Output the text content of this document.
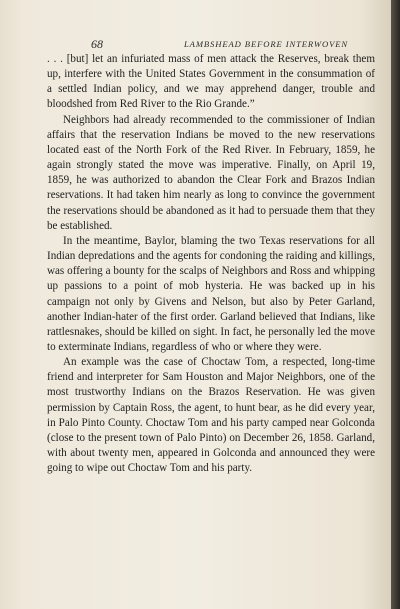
68	LAMBSHEAD BEFORE INTERWOVEN

. . . [but] let an infuriated mass of men attack the Reserves, break them up, interfere with the United States Government in the consummation of a settled Indian policy, and we may apprehend danger, trouble and bloodshed from Red River to the Rio Grande.”

Neighbors had already recommended to the commissioner of Indian affairs that the reservation Indians be moved to the new reservations located east of the North Fork of the Red River. In February, 1859, he again strongly stated the move was imperative. Finally, on April 19, 1859, he was authorized to abandon the Clear Fork and Brazos Indian reservations. It had taken him nearly as long to convince the government the reservations should be abandoned as it had to persuade them that they be established.

In the meantime, Baylor, blaming the two Texas reservations for all Indian depredations and the agents for condoning the raiding and killings, was offering a bounty for the scalps of Neighbors and Ross and whipping up passions to a point of mob hysteria. He was backed up in his campaign not only by Givens and Nelson, but also by Peter Garland, another Indian-hater of the first order. Garland believed that Indians, like rattlesnakes, should be killed on sight. In fact, he personally led the move to exterminate Indians, regardless of who or where they were.

An example was the case of Choctaw Tom, a respected, long-time friend and interpreter for Sam Houston and Major Neighbors, one of the most trustworthy Indians on the Brazos Reservation. He was given permission by Captain Ross, the agent, to hunt bear, as he did every year, in Palo Pinto County. Choctaw Tom and his party camped near Golconda (close to the present town of Palo Pinto) on December 26, 1858. Garland, with about twenty men, appeared in Golconda and announced they were going to wipe out Choctaw Tom and his party.
